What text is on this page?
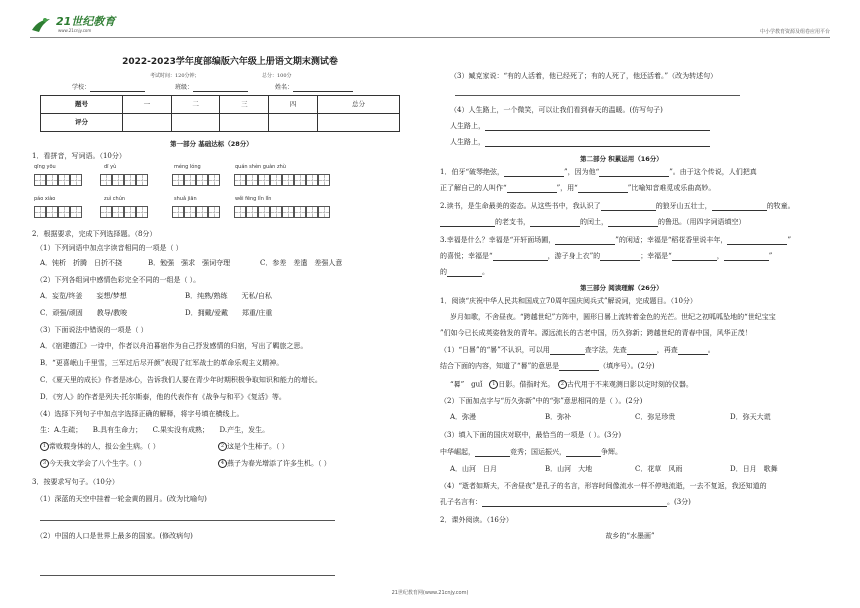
21世纪教育
www.21cnjy.com	中小学教育资源及组卷应用平台
2022-2023学年度部编版六年级上册语文期末测试卷
考试时间：120分钟；	总分：100分
学校：	班级：	姓名：
题号	一	二	三	四	总分
评分					
第一部分 基础达标（28分）
1．看拼音，写词语。（10分）
qīng yōu	dī yù	méng lóng	quán shèn guàn zhù
páo xiào	zuì chún	shuǎ jiān	wěi fēng lǐn lǐn
2．根据要求，完成下列选择题。（8分）
（1）下列词语中加点字读音相同的一项是（ ）
A．钝析　折腾　日折不挠	B．勉强　强求　强词夺理	C．参差　差遣　差强人意
（2）下列各组词中感情色彩完全不同的一组是（ ）。
A．妄览/终釜　　妄想/梦想	B．纯熟/熟练　　无私/自私
C．顽强/顽固　　教导/教唆	D．拥戴/爱戴　　郑重/庄重
（3）下面说法中错误的一项是（ ）
A．《宿建德江》一诗中，作者以舟泊暮宿作为自己抒发感情的归宿，写出了羁旅之思。
B．“更喜岷山千里雪，三军过后尽开颜”表现了红军战士的革命乐观主义精神。
C．《夏天里的成长》作者是冰心，告诉我们人要在青少年时期积极争取知识和能力的增长。
D．《穷人》的作者是列夫·托尔斯泰，他的代表作有《战争与和平》《复活》等。
（4）选择下列句子中加点字选择正确的解释，将字号填在横线上。
生：A.生疏；　　B.具有生命力；　　C.果实没有成熟；　　D.产生，发生。
1 常败瑕身体的人，报公金生病。（ ）	2 这是个生柿子。（ ）
3 今天我文学会了八个生字。（ ）	4 燕子为春光增添了许多生机。（ ）
3．按要求写句子。（10分）
（1）深蓝的天空中挂着一轮金黄的圆月。(改为比喻句)
（2）中国的人口是世界上最多的国家。(修改病句)
（3）臧克家说：“有的人活着，他已经死了；有的人死了，他还活着。”（改为转述句）
（4）人生路上，一个微笑，可以让我们看到春天的温暖。(仿写句子)
人生路上，
人生路上，
第二部分 积累运用（16分）
1．伯牙“破琴绝弦，	”，因为他“	”。由于这个传说，人们把真
正了解自己的人叫作“	”，用“	”比喻知音难觅或乐曲高妙。
2.读书，是生命最美的姿态。从这些书中，我认识了	的狼牙山五壮士，	的牧童。
的老支书，	的闰土，	的鲁迅。（用四字词语填空）
3.幸福是什么？幸福是“开轩面场圃，	”的闲适；幸福是“稻花香里说丰年，	”
的喜悦；幸福是“	，游子身上衣”的	；幸福是“	，	”
的	。
第三部分 阅读理解（26分）
1．阅读“庆祝中华人民共和国成立70周年国庆阅兵式”解说词，完成题目。（10分）
岁月如歌，不舍昼夜。“跨越世纪”方阵中，圆形日晷上流转着金色的光芒。世纪之初呱呱坠地的“世纪宝宝
”们如今已长成英姿勃发的青年。源远流长的古老中国，历久弥新；跨越世纪的青春中国，风华正茂！
（1）“日晷”的“晷”不认识，可以用	查字法，先查	，再查	。
结合下面的内容，知道了“晷”的意思是	（填序号）。(2分)
“晷”　guǐ　 1 日影。借指时光。　 2 古代用于不来观测日影以定时刻的仪器。
（2）下面加点字与“历久弥新”中的“弥”意思相同的是（ ）。(2分)
A．弥漫	B．弥补	C．弥足珍贵	D．弥天大谎
（3）填入下面的国庆对联中，最恰当的一项是（ ）。(3分)
中华崛起，	竞秀；国运振兴，	争辉。
A．山河　日月	B．山河　大地	C．花草　风雨	D．日月　歌舞
（4）“逝者如斯夫，不舍昼夜”是孔子的名言，形容时间像流水一样不停地流逝，一去不复返，我还知道的
孔子名言有：	。(3分)
2．课外阅读。（16分）
故乡的“水墨画”
21世纪教育网(www.21cnjy.com)
